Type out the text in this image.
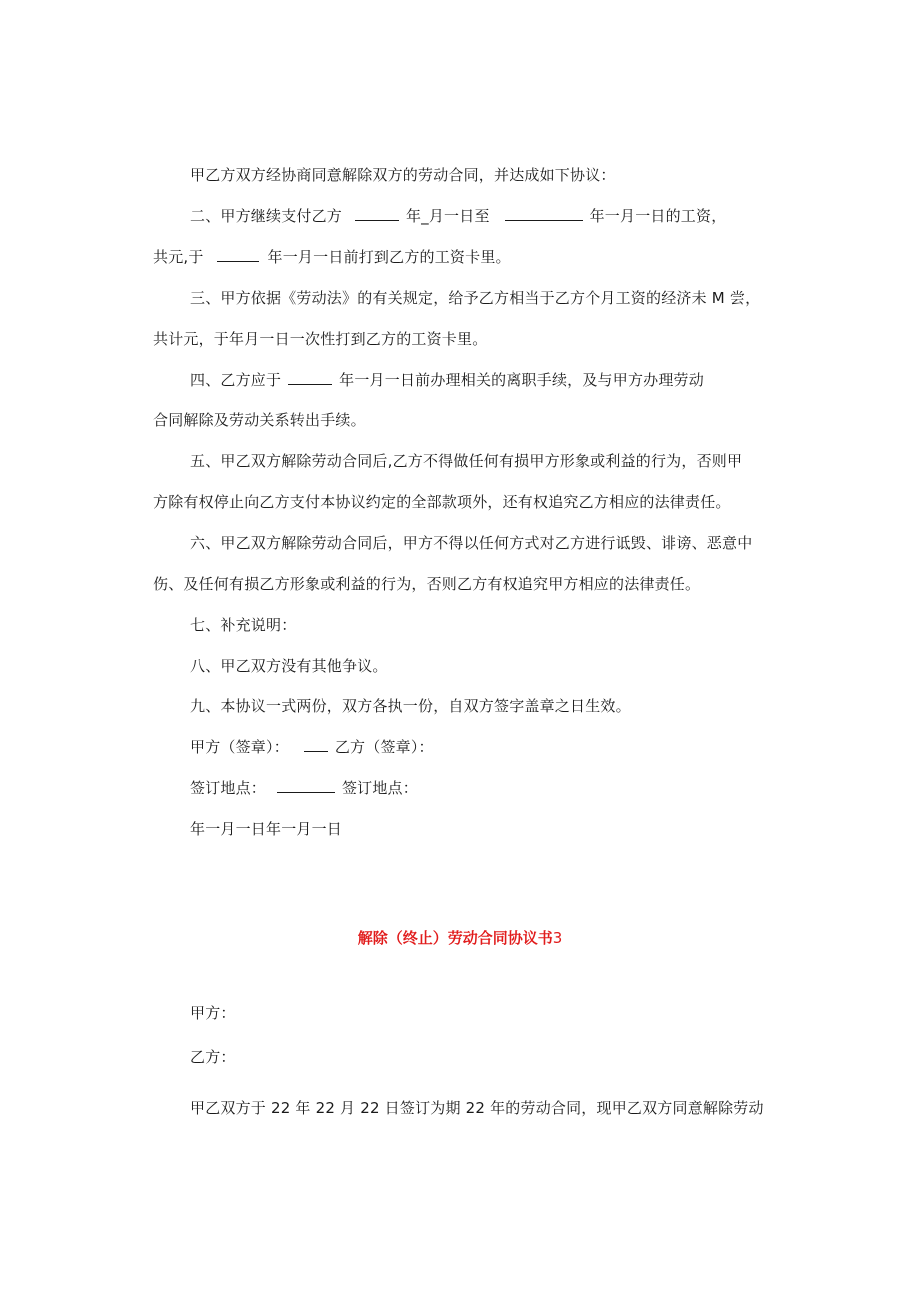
甲乙方双方经协商同意解除双方的劳动合同，并达成如下协议：
二、甲方继续支付乙方	年_月一日至	年一月一日的工资，
共元,于	年一月一日前打到乙方的工资卡里。
三、甲方依据《劳动法》的有关规定，给予乙方相当于乙方个月工资的经济未 M 尝，
共计元，于年月一日一次性打到乙方的工资卡里。
四、乙方应于	年一月一日前办理相关的离职手续，及与甲方办理劳动
合同解除及劳动关系转出手续。
五、甲乙双方解除劳动合同后,乙方不得做任何有损甲方形象或利益的行为，否则甲
方除有权停止向乙方支付本协议约定的全部款项外，还有权追究乙方相应的法律责任。
六、甲乙双方解除劳动合同后，甲方不得以任何方式对乙方进行诋毁、诽谤、恶意中
伤、及任何有损乙方形象或利益的行为，否则乙方有权追究甲方相应的法律责任。
七、补充说明：
八、甲乙双方没有其他争议。
九、本协议一式两份，双方各执一份，自双方签字盖章之日生效。
甲方（签章）：	乙方（签章）：
签订地点：	签订地点：
年一月一日年一月一日
解除（终止）劳动合同协议书3
甲方：
乙方：
甲乙双方于 22 年 22 月 22 日签订为期 22 年的劳动合同，现甲乙双方同意解除劳动
